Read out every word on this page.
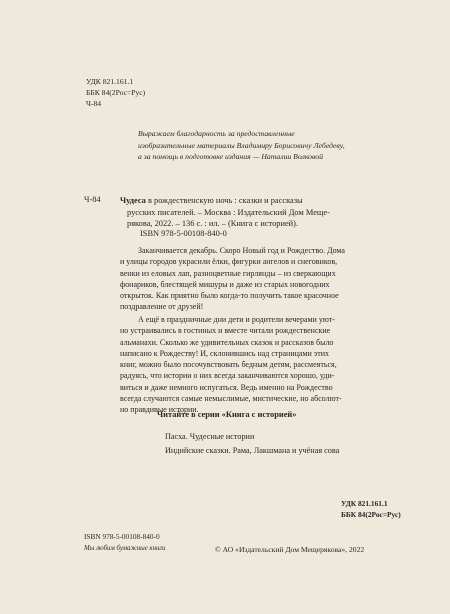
УДК 821.161.1
ББК 84(2Рос=Рус)
Ч-84
Выражаем благодарность за предоставленные
изобразительные материалы Владимиру Борисовичу Лебедеву,
а за помощь в подготовке издания — Наталии Волковой
Ч-84 Чудеса в рождественскую ночь : сказки и рассказы
русских писателей. – Москва : Издательский Дом Меще-
рякова, 2022. – 136 с. : ил. – (Книга с историей).
ISBN 978-5-00108-840-0
Заканчивается декабрь. Скоро Новый год и Рождество. Дома
и улицы городов украсили ёлки, фигурки ангелов и снеговиков,
венки из еловых лап, разноцветные гирлянды – из сверкающих
фонариков, блестящей мишуры и даже из старых новогодних
открыток. Как приятно было когда-то получить такое красочное
поздравление от друзей!
А ещё в праздничные дни дети и родители вечерами уют-
но устраивались в гостиных и вместе читали рождественские
альманахи. Сколько же удивительных сказок и рассказов было
написано к Рождеству! И, склонившись над страницами этих
книг, можно было посочувствовать бедным детям, рассмеяться,
радуясь, что истории о них всегда заканчиваются хорошо, уди-
виться и даже немного испугаться. Ведь именно на Рождество
всегда случаются самые немыслимые, мистические, но абсолют-
но правдивые истории.
Читайте в серии «Книга с историей»
Пасха. Чудесные истории
Индийские сказки. Рама, Лакшмана и учёная сова
УДК 821.161.1
ББК 84(2Рос=Рус)
ISBN 978-5-00108-840-0
Мы любим бумажные книги	© АО «Издательский Дом Мещерякова», 2022
